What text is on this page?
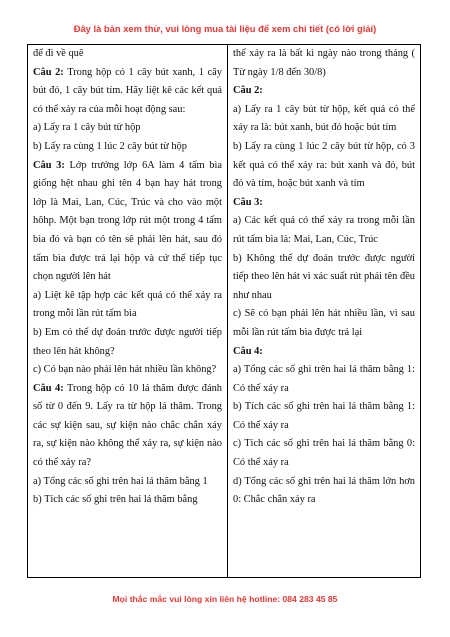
Đây là bản xem thử, vui lòng mua tài liệu để xem chi tiết (có lời giải)

để đi về quê

Câu 2: Trong hộp có 1 cây bút xanh, 1 cây bút đỏ, 1 cây bút tím. Hãy liệt kê các kết quả có thể xảy ra của mỗi hoạt động sau:

a) Lấy ra 1 cây bút từ hộp

b) Lấy ra cùng 1 lúc 2 cây bút từ hộp

Câu 3: Lớp trưởng lớp 6A làm 4 tấm bìa giống hệt nhau ghi tên 4 bạn hay hát trong lớp là Mai, Lan, Cúc, Trúc và cho vào một hôhp. Một bạn trong lớp rút một trong 4 tấm bìa đó và bạn có tên sẽ phải lên hát, sau đó tấm bìa được trả lại hộp và cứ thế tiếp tục chọn người lên hát

a) Liệt kê tập hợp các kết quả có thể xảy ra trong mỗi lần rút tấm bìa

b) Em có thể dự đoán trước được người tiếp theo lên hát không?

c) Có bạn nào phải lên hát nhiều lần không?

Câu 4: Trong hộp có 10 lá thăm được đánh số từ 0 đến 9. Lấy ra từ hộp lá thăm. Trong các sự kiện sau, sự kiện nào chắc chắn xảy ra, sự kiện nào không thể xảy ra, sự kiện nào có thể xảy ra?

a) Tổng các số ghi trên hai lá thăm bằng 1

b) Tích các số ghi trên hai lá thăm bằng

thể xảy ra là bất kì ngày nào trong tháng ( Từ ngày 1/8 đến 30/8)

Câu 2:

a) Lấy ra 1 cây bút từ hộp, kết quả có thể xảy ra là: bút xanh, bút đỏ hoặc bút tím

b) Lấy ra cùng 1 lúc 2 cây bút từ hộp, có 3 kết quả có thể xảy ra: bút xanh và đỏ, bút đỏ và tím, hoặc bút xanh và tím

Câu 3:

a) Các kết quả có thể xảy ra trong mỗi lần rút tấm bìa là: Mai, Lan, Cúc, Trúc

b) Không thể dự đoán trước được người tiếp theo lên hát vì xác suất rút phải tên đều như nhau

c) Sẽ có bạn phải lên hát nhiều lần, vì sau mỗi lần rút tấm bìa được trả lại

Câu 4:

a) Tổng các số ghi trên hai lá thăm bằng 1: Có thể xảy ra

b) Tích các số ghi trên hai lá thăm bằng 1: Có thể xảy ra

c) Tích các số ghi trên hai lá thăm bằng 0: Có thể xảy ra

d) Tổng các số ghi trên hai lá thăm lớn hơn 0: Chắc chắn xảy ra

Mọi thắc mắc vui lòng xin liên hệ hotline: 084 283 45 85
